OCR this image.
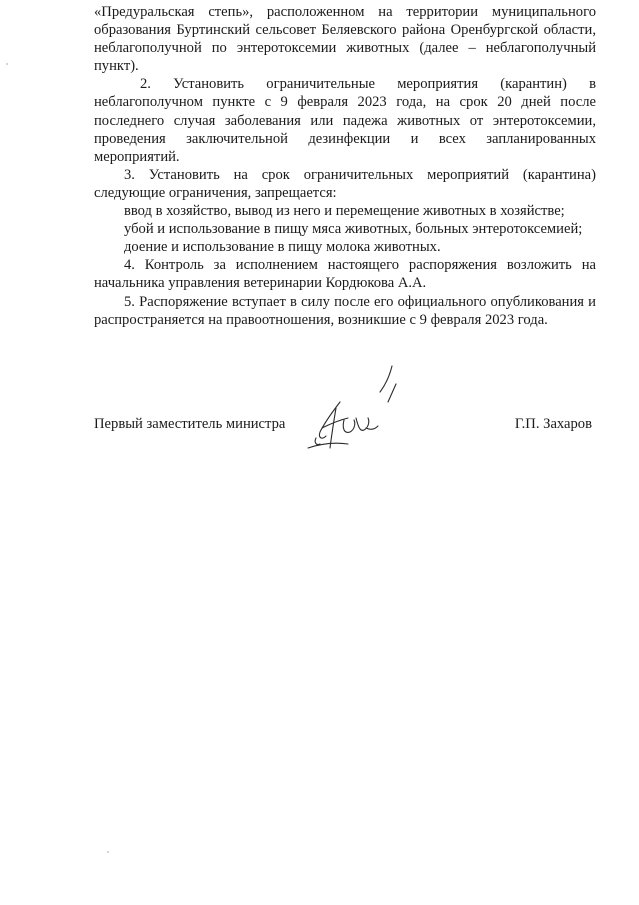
«Предуральская степь», расположенном на территории муниципального образования Буртинский сельсовет Беляевского района Оренбургской области, неблагополучной по энтеротоксемии животных (далее – неблагополучный пункт).

2. Установить ограничительные мероприятия (карантин) в неблагополучном пункте с 9 февраля 2023 года, на срок 20 дней после последнего случая заболевания или падежа животных от энтеротоксемии, проведения заключительной дезинфекции и всех запланированных мероприятий.

3. Установить на срок ограничительных мероприятий (карантина) следующие ограничения, запрещается:

ввод в хозяйство, вывод из него и перемещение животных в хозяйстве;

убой и использование в пищу мяса животных, больных энтеротоксемией;

доение и использование в пищу молока животных.

4. Контроль за исполнением настоящего распоряжения возложить на начальника управления ветеринарии Кордюкова А.А.

5. Распоряжение вступает в силу после его официального опубликования и распространяется на правоотношения, возникшие с 9 февраля 2023 года.

Первый заместитель министра	Г.П. Захаров
